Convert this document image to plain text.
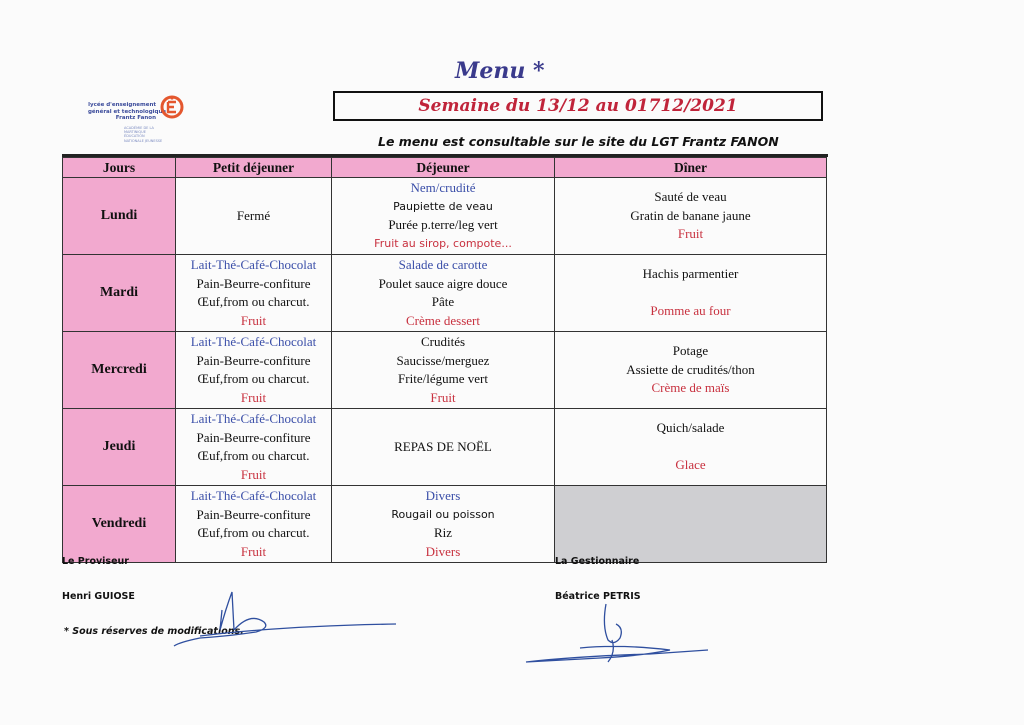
Menu *
lycée d'enseignement
général et technologique
Frantz Fanon
ACADÉMIE DE LA MARTINIQUE ÉDUCATION NATIONALE JEUNESSE
Semaine du 13/12 au 01712/2021
Le menu est consultable sur le site du LGT Frantz FANON
Jours	Petit déjeuner	Déjeuner	Dîner
Lundi	Fermé	Nem/crudité
Paupiette de veau
Purée p.terre/leg vert
Fruit au sirop, compote...	Sauté de veau
Gratin de banane jaune
Fruit

Mardi	Lait-Thé-Café-Chocolat
Pain-Beurre-confiture
Œuf,from ou charcut.
Fruit	Salade de carotte
Poulet sauce aigre douce
Pâte
Crème dessert	Hachis parmentier

Pomme au four

Mercredi	Lait-Thé-Café-Chocolat
Pain-Beurre-confiture
Œuf,from ou charcut.
Fruit	Crudités
Saucisse/merguez
Frite/légume vert
Fruit	Potage
Assiette de crudités/thon
Crème de maïs

Jeudi	Lait-Thé-Café-Chocolat
Pain-Beurre-confiture
Œuf,from ou charcut.
Fruit	REPAS DE NOËL	Quich/salade

Glace

Vendredi	Lait-Thé-Café-Chocolat
Pain-Beurre-confiture
Œuf,from ou charcut.
Fruit	Divers
Rougail ou poisson
Riz
Divers	

Le Proviseur
Henri GUIOSE
La Gestionnaire
Béatrice PETRIS
* Sous réserves de modifications.
